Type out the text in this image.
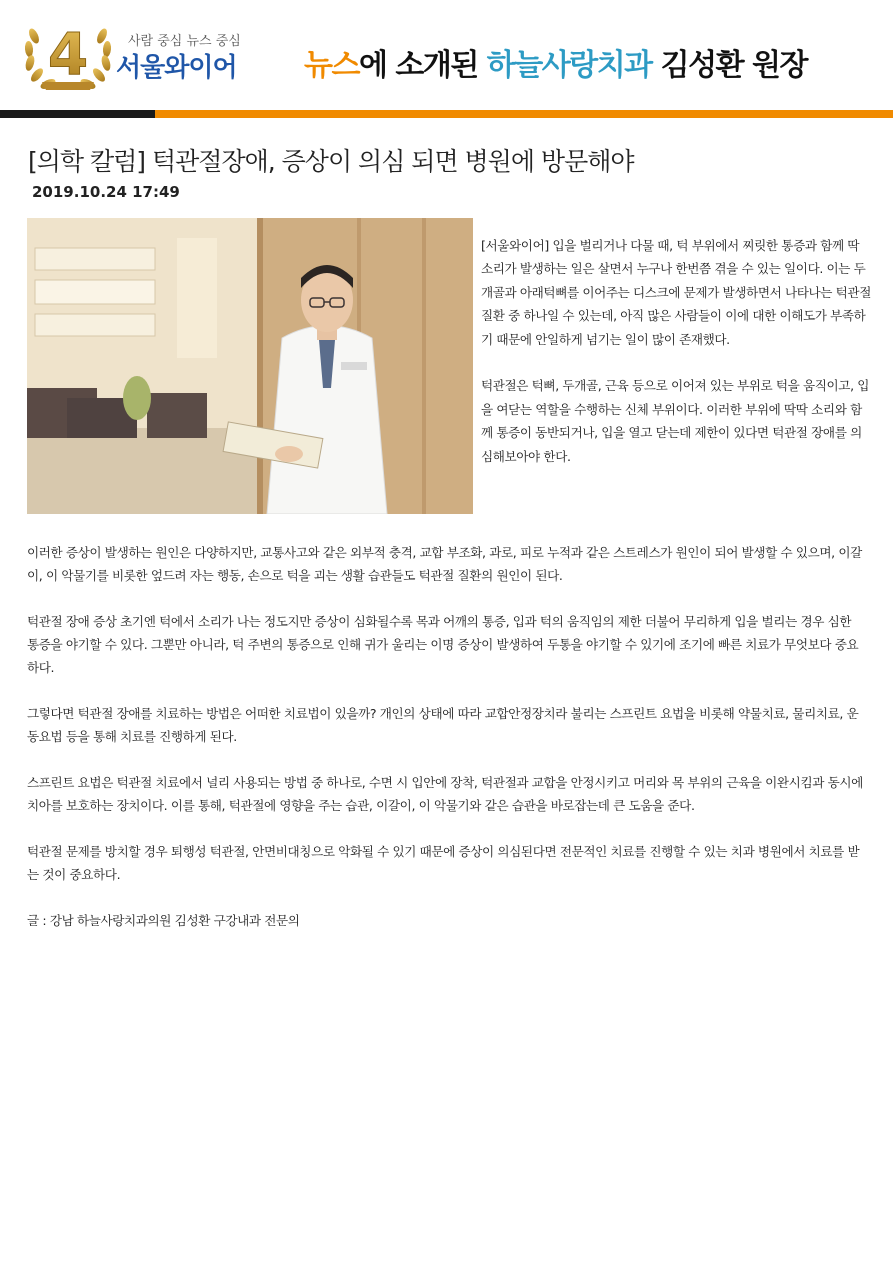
4	사람 중심 뉴스 중심
서울와이어 뉴스에 소개된 하늘사랑치과 김성환 원장
[의학 칼럼] 턱관절장애, 증상이 의심 되면 병원에 방문해야
2019.10.24 17:49

[서울와이어] 입을 벌리거나 다물 때, 턱 부위에서 찌릿한 통증과 함께 딱 소리가 발생하는 일은 살면서 누구나 한번쯤 겪을 수 있는 일이다. 이는 두개골과 아래턱뼈를 이어주는 디스크에 문제가 발생하면서 나타나는 턱관절 질환 중 하나일 수 있는데, 아직 많은 사람들이 이에 대한 이해도가 부족하기 때문에 안일하게 넘기는 일이 많이 존재했다.

턱관절은 턱뼈, 두개골, 근육 등으로 이어져 있는 부위로 턱을 움직이고, 입을 여닫는 역할을 수행하는 신체 부위이다. 이러한 부위에 딱딱 소리와 함께 통증이 동반되거나, 입을 열고 닫는데 제한이 있다면 턱관절 장애를 의심해보아야 한다.

이러한 증상이 발생하는 원인은 다양하지만, 교통사고와 같은 외부적 충격, 교합 부조화, 과로, 피로 누적과 같은 스트레스가 원인이 되어 발생할 수 있으며, 이갈이, 이 악물기를 비롯한 엎드려 자는 행동, 손으로 턱을 괴는 생활 습관들도 턱관절 질환의 원인이 된다.

턱관절 장애 증상 초기엔 턱에서 소리가 나는 정도지만 증상이 심화될수록 목과 어깨의 통증, 입과 턱의 움직임의 제한 더불어 무리하게 입을 벌리는 경우 심한 통증을 야기할 수 있다. 그뿐만 아니라, 턱 주변의 통증으로 인해 귀가 울리는 이명 증상이 발생하여 두통을 야기할 수 있기에 조기에 빠른 치료가 무엇보다 중요하다.

그렇다면 턱관절 장애를 치료하는 방법은 어떠한 치료법이 있을까? 개인의 상태에 따라 교합안정장치라 불리는 스프린트 요법을 비롯해 약물치료, 물리치료, 운동요법 등을 통해 치료를 진행하게 된다.

스프린트 요법은 턱관절 치료에서 널리 사용되는 방법 중 하나로, 수면 시 입안에 장착, 턱관절과 교합을 안정시키고 머리와 목 부위의 근육을 이완시킴과 동시에 치아를 보호하는 장치이다. 이를 통해, 턱관절에 영향을 주는 습관, 이갈이, 이 악물기와 같은 습관을 바로잡는데 큰 도움을 준다.

턱관절 문제를 방치할 경우 퇴행성 턱관절, 안면비대칭으로 악화될 수 있기 때문에 증상이 의심된다면 전문적인 치료를 진행할 수 있는 치과 병원에서 치료를 받는 것이 중요하다.

글 : 강남 하늘사랑치과의원 김성환 구강내과 전문의
